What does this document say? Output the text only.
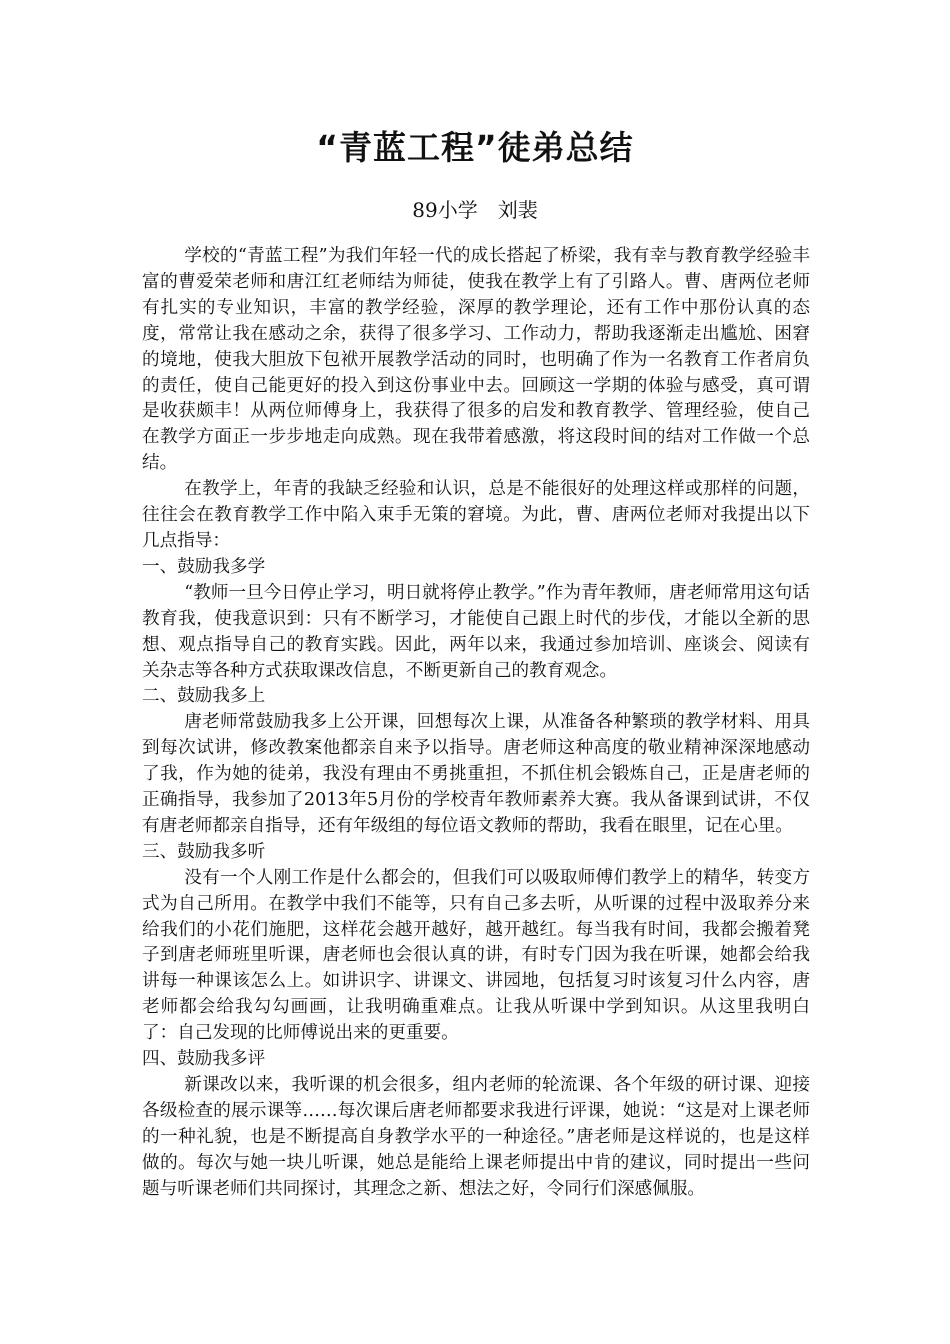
“青蓝工程”徒弟总结
89小学　刘裴

学校的“青蓝工程”为我们年轻一代的成长搭起了桥梁，我有幸与教育教学经验丰富的曹爱荣老师和唐江红老师结为师徒，使我在教学上有了引路人。曹、唐两位老师有扎实的专业知识，丰富的教学经验，深厚的教学理论，还有工作中那份认真的态度，常常让我在感动之余，获得了很多学习、工作动力，帮助我逐渐走出尴尬、困窘的境地，使我大胆放下包袱开展教学活动的同时，也明确了作为一名教育工作者肩负的责任，使自己能更好的投入到这份事业中去。回顾这一学期的体验与感受，真可谓是收获颇丰！从两位师傅身上，我获得了很多的启发和教育教学、管理经验，使自己在教学方面正一步步地走向成熟。现在我带着感激，将这段时间的结对工作做一个总结。

在教学上，年青的我缺乏经验和认识，总是不能很好的处理这样或那样的问题，往往会在教育教学工作中陷入束手无策的窘境。为此，曹、唐两位老师对我提出以下几点指导：

一、鼓励我多学

“教师一旦今日停止学习，明日就将停止教学。”作为青年教师，唐老师常用这句话教育我，使我意识到：只有不断学习，才能使自己跟上时代的步伐，才能以全新的思想、观点指导自己的教育实践。因此，两年以来，我通过参加培训、座谈会、阅读有关杂志等各种方式获取课改信息，不断更新自己的教育观念。

二、鼓励我多上

唐老师常鼓励我多上公开课，回想每次上课，从准备各种繁琐的教学材料、用具到每次试讲，修改教案他都亲自来予以指导。唐老师这种高度的敬业精神深深地感动了我，作为她的徒弟，我没有理由不勇挑重担，不抓住机会锻炼自己，正是唐老师的正确指导，我参加了2013年5月份的学校青年教师素养大赛。我从备课到试讲，不仅有唐老师都亲自指导，还有年级组的每位语文教师的帮助，我看在眼里，记在心里。

三、鼓励我多听

没有一个人刚工作是什么都会的，但我们可以吸取师傅们教学上的精华，转变方式为自己所用。在教学中我们不能等，只有自己多去听，从听课的过程中汲取养分来给我们的小花们施肥，这样花会越开越好，越开越红。每当我有时间，我都会搬着凳子到唐老师班里听课，唐老师也会很认真的讲，有时专门因为我在听课，她都会给我讲每一种课该怎么上。如讲识字、讲课文、讲园地，包括复习时该复习什么内容，唐老师都会给我勾勾画画，让我明确重难点。让我从听课中学到知识。从这里我明白了：自己发现的比师傅说出来的更重要。

四、鼓励我多评

新课改以来，我听课的机会很多，组内老师的轮流课、各个年级的研讨课、迎接各级检查的展示课等……每次课后唐老师都要求我进行评课，她说：“这是对上课老师的一种礼貌，也是不断提高自身教学水平的一种途径。”唐老师是这样说的，也是这样做的。每次与她一块儿听课，她总是能给上课老师提出中肯的建议，同时提出一些问题与听课老师们共同探讨，其理念之新、想法之好，令同行们深感佩服。
